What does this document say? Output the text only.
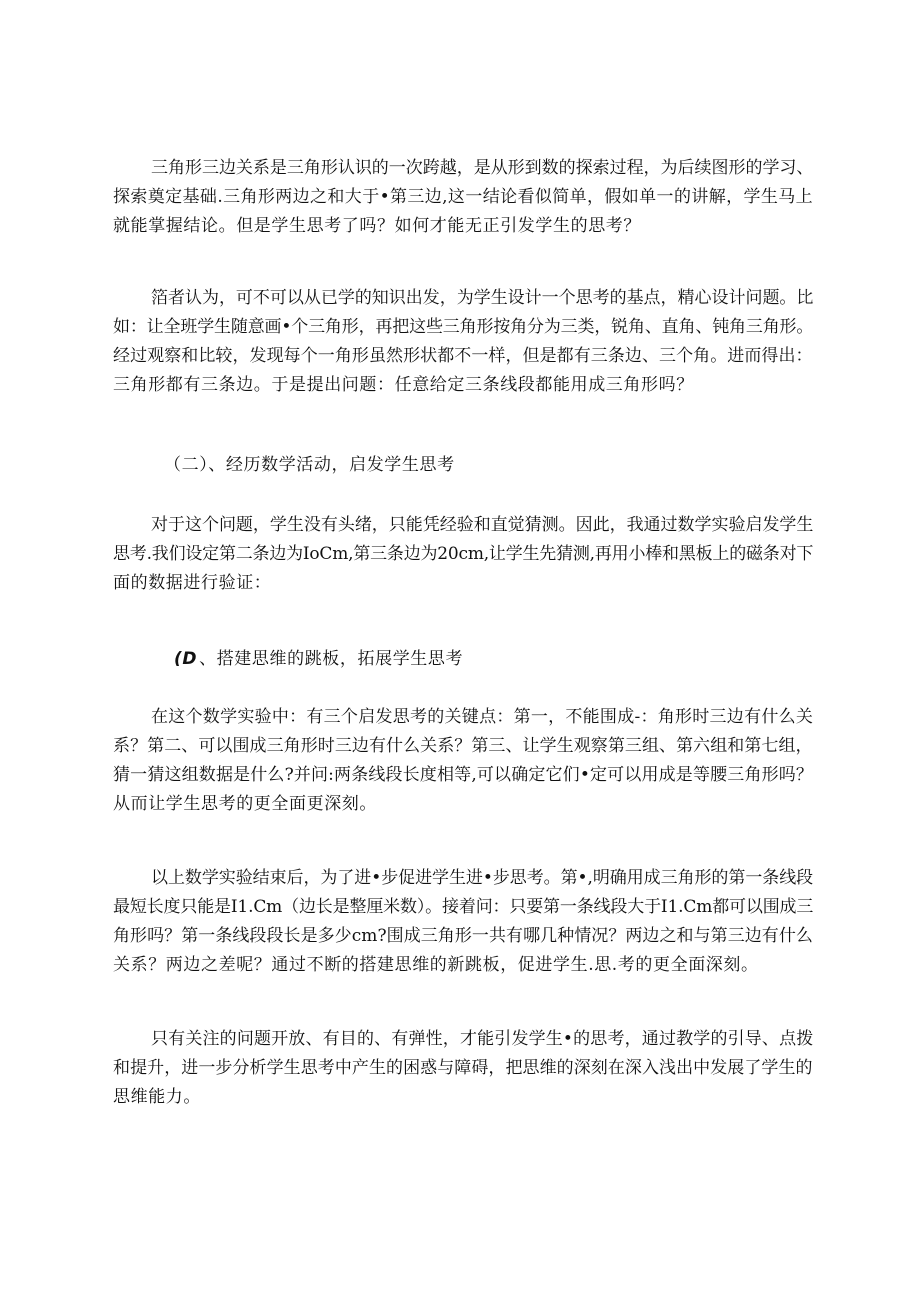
三角形三边关系是三角形认识的一次跨越，是从形到数的探索过程，为后续图形的学习、
探索奠定基础.三角形两边之和大于•第三边,这一结论看似简单，假如单一的讲解，学生马上
就能掌握结论。但是学生思考了吗？如何才能无正引发学生的思考？
箔者认为，可不可以从已学的知识出发，为学生设计一个思考的基点，精心设计问题。比
如：让全班学生随意画•个三角形，再把这些三角形按角分为三类，锐角、直角、钝角三角形。
经过观察和比较，发现每个一角形虽然形状都不一样，但是都有三条边、三个角。进而得出：
三角形都有三条边。于是提出问题：任意给定三条线段都能用成三角形吗？
（二）、经历数学活动，启发学生思考
对于这个问题，学生没有头绪，只能凭经验和直觉猜测。因此，我通过数学实验启发学生
思考.我们设定第二条边为IoCm,第三条边为20cm,让学生先猜测,再用小棒和黑板上的磁条对下
面的数据进行验证：
(D 、搭建思维的跳板，拓展学生思考
在这个数学实验中：有三个启发思考的关键点：第一，不能围成-：角形时三边有什么关
系？第二、可以围成三角形时三边有什么关系？第三、让学生观察第三组、第六组和第七组，
猜一猜这组数据是什么?并问:两条线段长度相等,可以确定它们•定可以用成是等腰三角形吗？
从而让学生思考的更全面更深刻。
以上数学实验结束后，为了进•步促进学生进•步思考。第•,明确用成三角形的第一条线段
最短长度只能是I1.Cm（边长是整厘米数）。接着问：只要第一条线段大于I1.Cm都可以围成三
角形吗？第一条线段段长是多少cm?围成三角形一共有哪几种情况？两边之和与第三边有什么
关系？两边之差呢？通过不断的搭建思维的新跳板，促进学生.思.考的更全面深刻。
只有关注的问题开放、有目的、有弹性，才能引发学生•的思考，通过教学的引导、点拨
和提升，进一步分析学生思考中产生的困惑与障碍，把思维的深刻在深入浅出中发展了学生的
思维能力。
